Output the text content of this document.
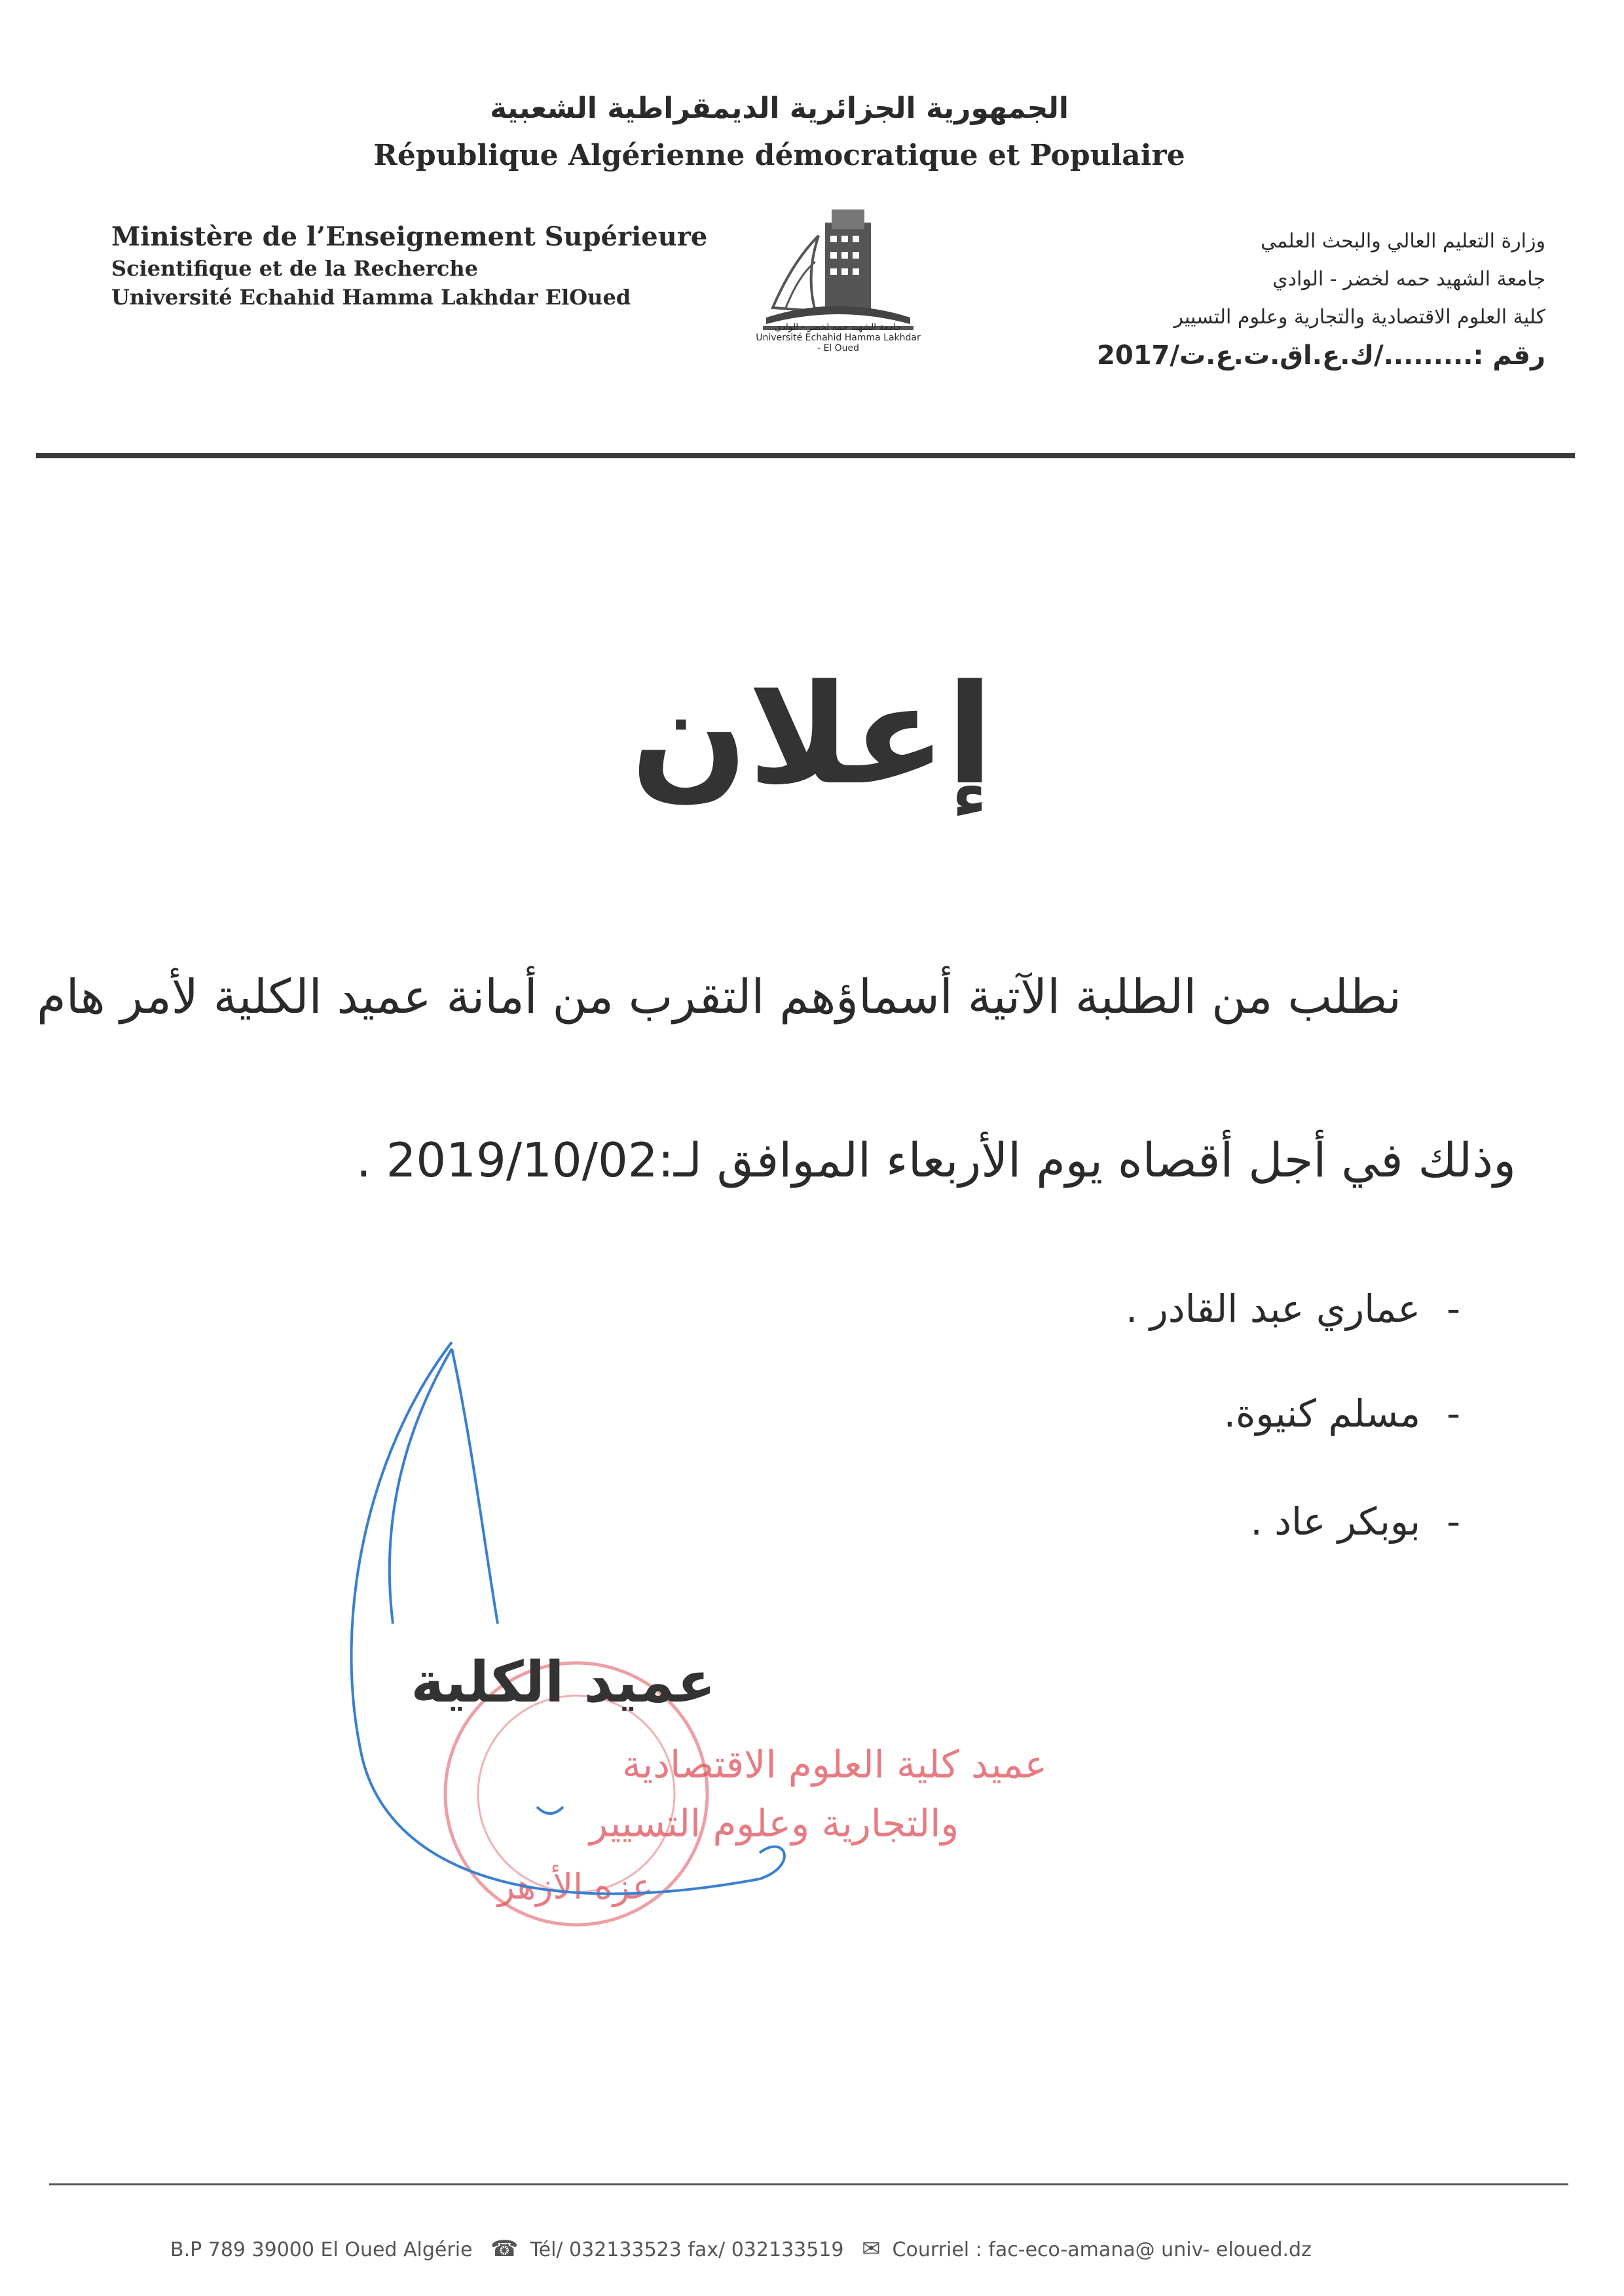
الجمهورية الجزائرية الديمقراطية الشعبية
République Algérienne démocratique et Populaire
Ministère de l’Enseignement Supérieure
Scientifique et de la Recherche
Université Echahid Hamma Lakhdar ElOued
وزارة التعليم العالي والبحث العلمي
جامعة الشهيد حمه لخضر - الوادي
كلية العلوم الاقتصادية والتجارية وعلوم التسيير
رقم :........./ك.ع.اق.ت.ع.ت/2017
جامعة الشهيد حمه لخضر - الوادي
Université Echahid Hamma Lakhdar - El Oued
إعلان
نطلب من الطلبة الآتية أسماؤهم التقرب من أمانة عميد الكلية لأمر هام
وذلك في أجل أقصاه يوم الأربعاء الموافق لـ:2019/10/02 .
-عماري عبد القادر .
-مسلم كنيوة.
-بوبكر عاد .
عميد كلية العلوم الاقتصادية
والتجارية وعلوم التسيير
عزه الأزهر
عميد الكلية
B.P 789 39000 El Oued Algérie ☎ Tél/ 032133523 fax/ 032133519 ✉ Courriel : fac-eco-amana@ univ- eloued.dz
